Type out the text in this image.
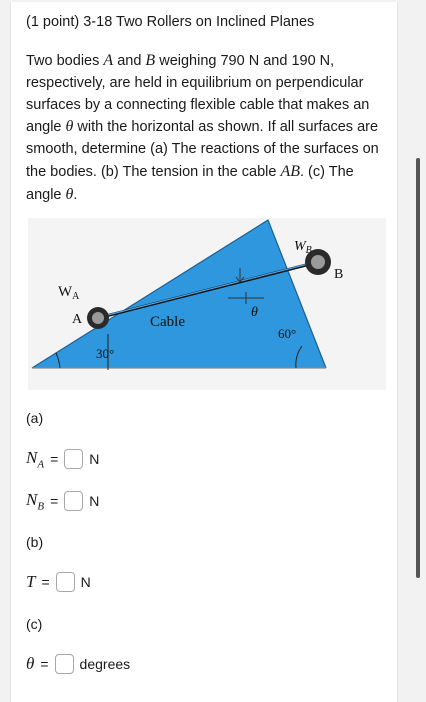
(1 point) 3-18 Two Rollers on Inclined Planes
Two bodies A and B weighing 790 N and 190 N, respectively, are held in equilibrium on perpendicular surfaces by a connecting flexible cable that makes an angle θ with the horizontal as shown. If all surfaces are smooth, determine (a) The reactions of the surfaces on the bodies. (b) The tension in the cable AB. (c) The angle θ.
$W_A$
A
$W_B$
B
Cable
θ
30°
60°
(a)
$N_A = N$
$N_B = N$
(b)
T = N
(c)
θ = degrees
